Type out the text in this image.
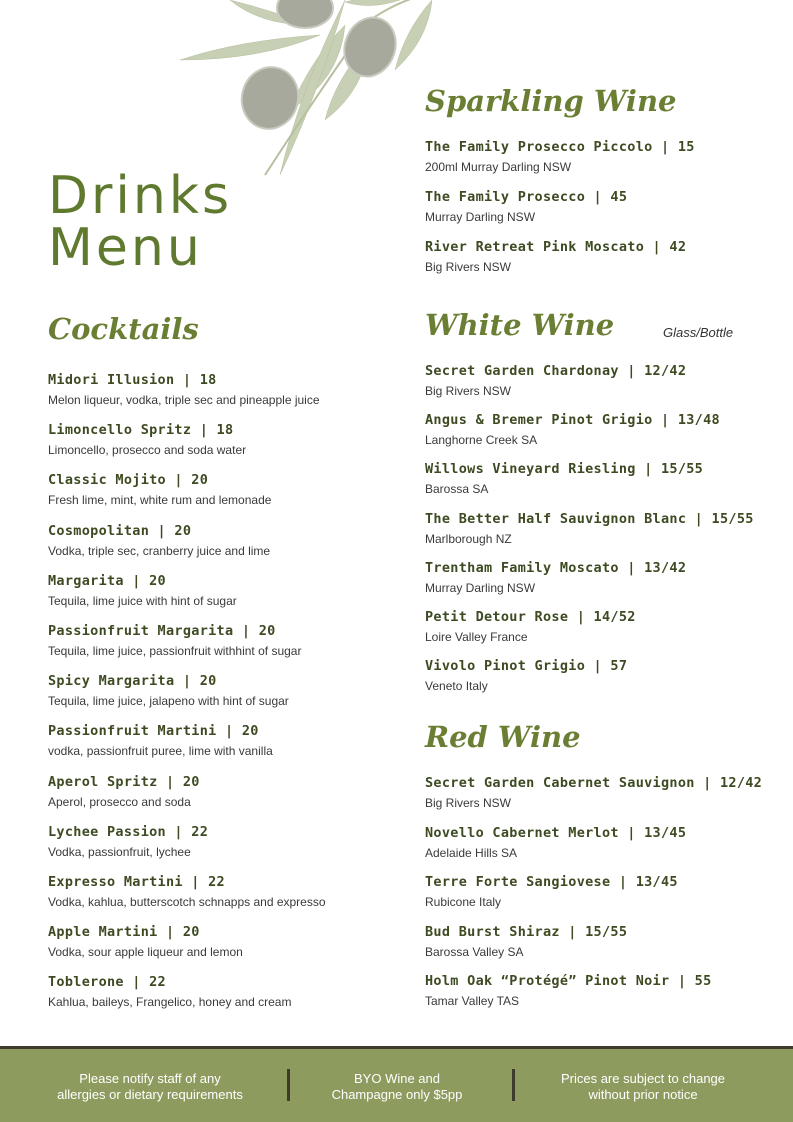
Drinks
Menu
Cocktails
Midori Illusion | 18
Melon liqueur, vodka, triple sec and pineapple juice
Limoncello Spritz | 18
Limoncello, prosecco and soda water
Classic Mojito | 20
Fresh lime, mint, white rum and lemonade
Cosmopolitan | 20
Vodka, triple sec, cranberry juice and lime
Margarita | 20
Tequila, lime juice with hint of sugar
Passionfruit Margarita | 20
Tequila, lime juice, passionfruit withhint of sugar
Spicy Margarita | 20
Tequila, lime juice, jalapeno with hint of sugar
Passionfruit Martini | 20
vodka, passionfruit puree, lime with vanilla
Aperol Spritz | 20
Aperol, prosecco and soda
Lychee Passion | 22
Vodka, passionfruit, lychee
Expresso Martini | 22
Vodka, kahlua, butterscotch schnapps and expresso
Apple Martini | 20
Vodka, sour apple liqueur and lemon
Toblerone | 22
Kahlua, baileys, Frangelico, honey and cream
Sparkling Wine
The Family Prosecco Piccolo | 15
200ml Murray Darling NSW
The Family Prosecco | 45
Murray Darling NSW
River Retreat Pink Moscato | 42
Big Rivers NSW
White Wine	Glass/Bottle
Secret Garden Chardonay | 12/42
Big Rivers NSW
Angus & Bremer Pinot Grigio | 13/48
Langhorne Creek SA
Willows Vineyard Riesling | 15/55
Barossa SA
The Better Half Sauvignon Blanc | 15/55
Marlborough NZ
Trentham Family Moscato | 13/42
Murray Darling NSW
Petit Detour Rose | 14/52
Loire Valley France
Vivolo Pinot Grigio | 57
Veneto Italy
Red Wine
Secret Garden Cabernet Sauvignon | 12/42
Big Rivers NSW
Novello Cabernet Merlot | 13/45
Adelaide Hills SA
Terre Forte Sangiovese | 13/45
Rubicone Italy
Bud Burst Shiraz | 15/55
Barossa Valley SA
Holm Oak “Protégé” Pinot Noir | 55
Tamar Valley TAS
Please notify staff of any
allergies or dietary requirements
BYO Wine and
Champagne only $5pp
Prices are subject to change
without prior notice
